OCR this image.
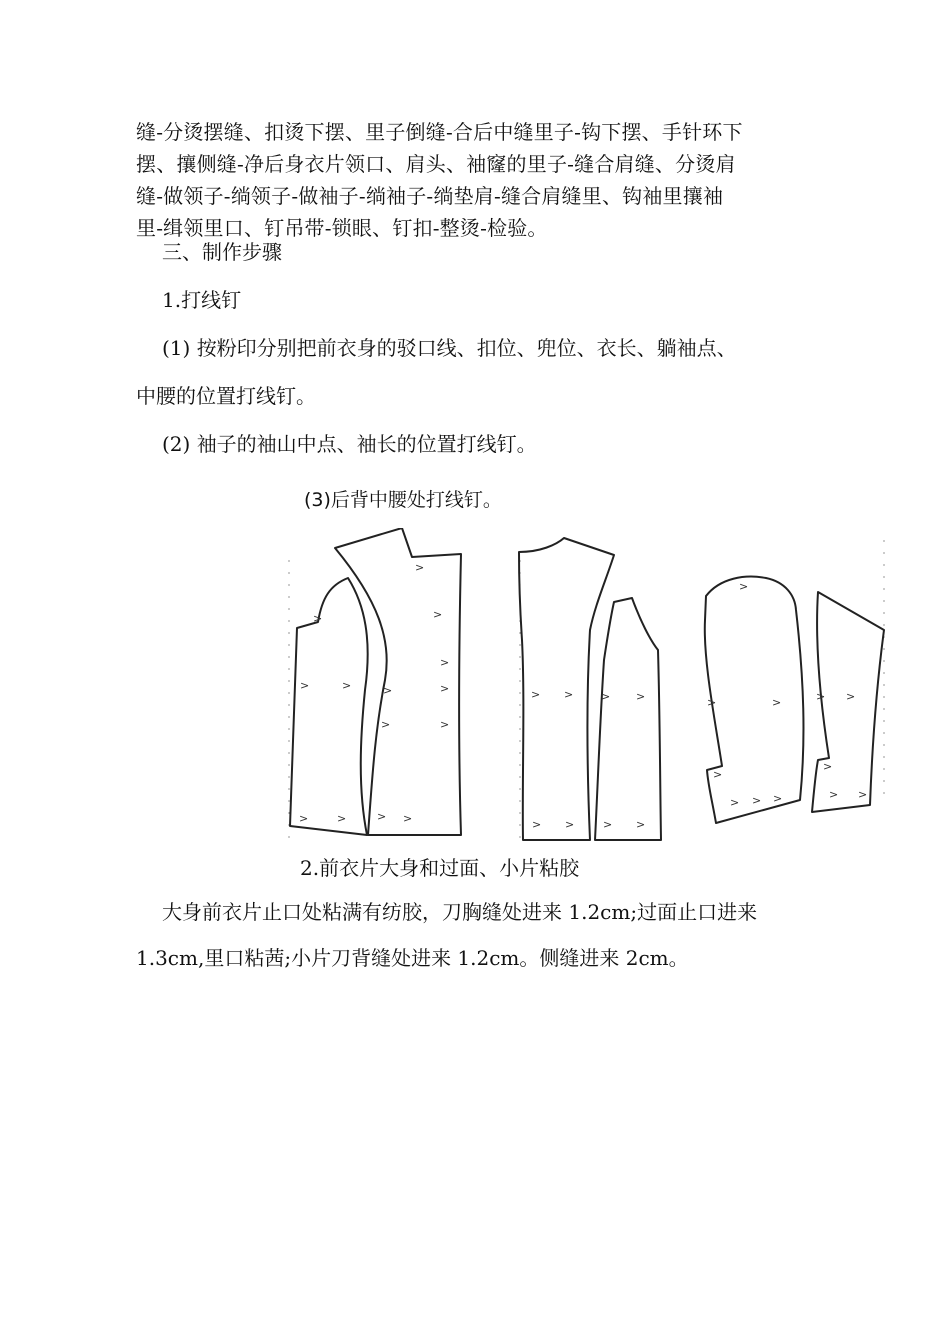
缝-分烫摆缝、扣烫下摆、里子倒缝-合后中缝里子-钩下摆、手针环下
摆、攘侧缝-净后身衣片领口、肩头、袖窿的里子-缝合肩缝、分烫肩
缝-做领子-绱领子-做袖子-绱袖子-绱垫肩-缝合肩缝里、钩袖里攘袖
里-缉领里口、钉吊带-锁眼、钉扣-整烫-检验。

三、制作步骤

1.打线钉

(1) 按粉印分别把前衣身的驳口线、扣位、兜位、衣长、躺袖点、

中腰的位置打线钉。

(2) 袖子的袖山中点、袖长的位置打线钉。

(3)后背中腰处打线钉。

>
>
>
>	>
>
>
>
>
>
>
>
> >
> >
> >
> >
> >
>
>	>
>
> > >
> >
>
> >

2.前衣片大身和过面、小片粘胶

大身前衣片止口处粘满有纺胶，刀胸缝处进来 1.2cm;过面止口进来

1.3cm,里口粘茜;小片刀背缝处进来 1.2cm。侧缝进来 2cm。
